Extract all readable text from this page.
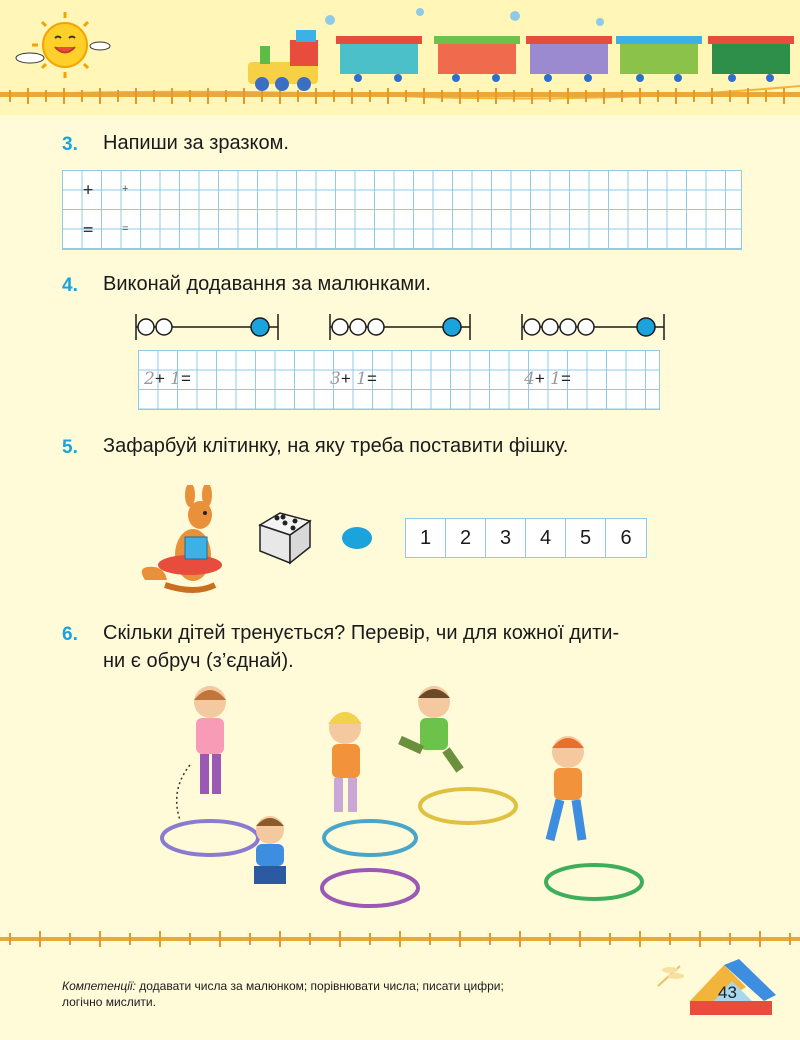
3. Напиши за зразком.
+	+
=	=
4. Виконай додавання за малюнками.
2+ 1=	3+ 1=	4+ 1=
5. Зафарбуй клітинку, на яку треба поставити фішку.
1	2	3	4	5	6
6. Скільки дітей тренується? Перевір, чи для кожної дити-
ни є обруч (з’єднай).
Компетенції: додавати числа за малюнком; порівнювати числа; писати цифри;
логічно мислити.	43
